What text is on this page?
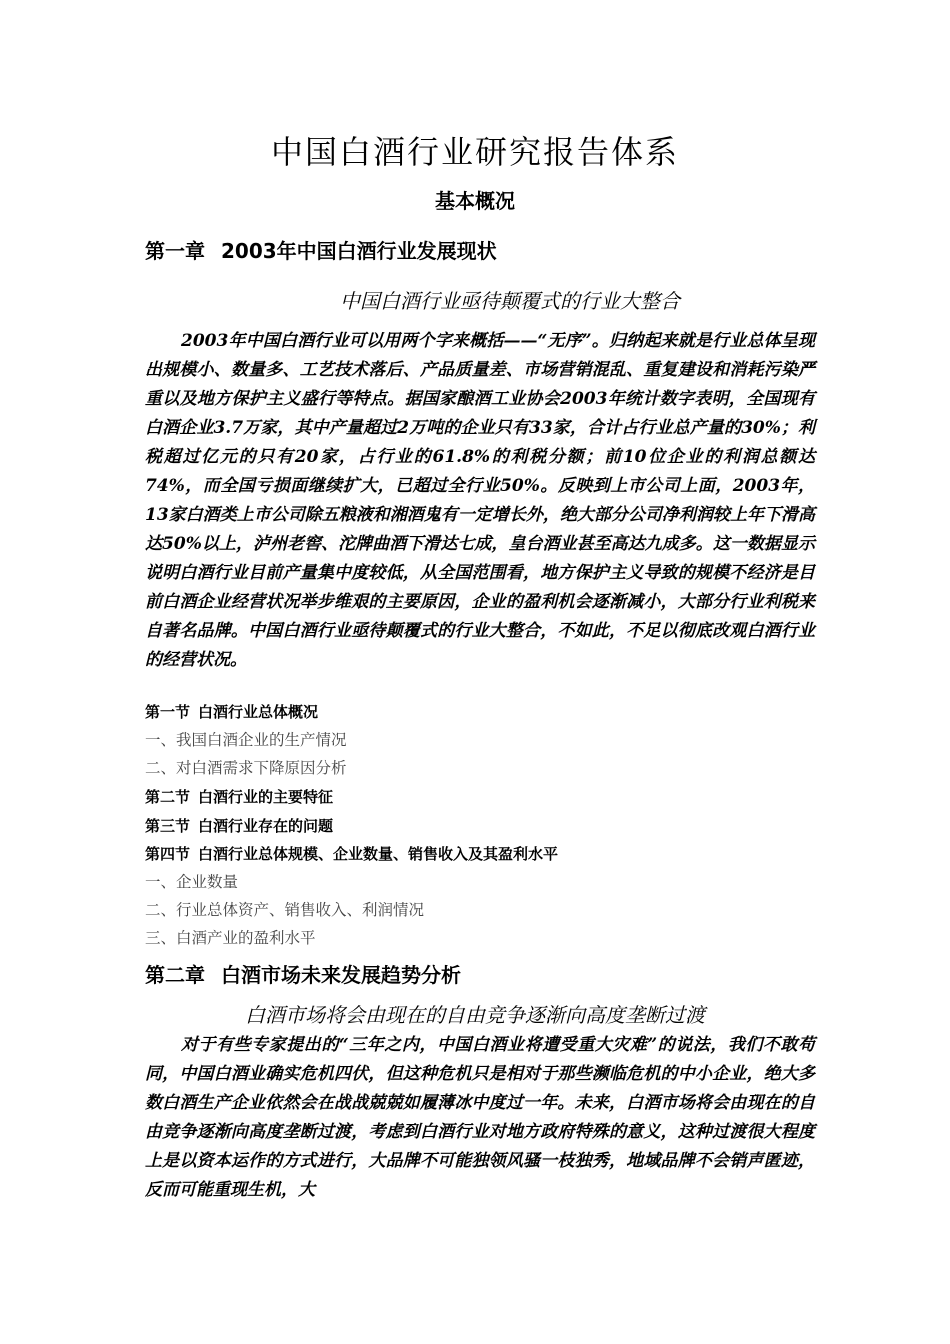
中国白酒行业研究报告体系
基本概况
第一章 2003年中国白酒行业发展现状
中国白酒行业亟待颠覆式的行业大整合

2003年中国白酒行业可以用两个字来概括——“无序”。归纳起来就是行业总体呈现出规模小、数量多、工艺技术落后、产品质量差、市场营销混乱、重复建设和消耗污染严重以及地方保护主义盛行等特点。据国家酿酒工业协会2003年统计数字表明，全国现有白酒企业3.7万家，其中产量超过2万吨的企业只有33家，合计占行业总产量的30%；利税超过亿元的只有20家，占行业的61.8%的利税分额；前10位企业的利润总额达74%，而全国亏损面继续扩大，已超过全行业50%。反映到上市公司上面，2003年，13家白酒类上市公司除五粮液和湘酒鬼有一定增长外，绝大部分公司净利润较上年下滑高达50%以上，泸州老窖、沱牌曲酒下滑达七成，皇台酒业甚至高达九成多。这一数据显示说明白酒行业目前产量集中度较低，从全国范围看，地方保护主义导致的规模不经济是目前白酒企业经营状况举步维艰的主要原因，企业的盈利机会逐渐减小，大部分行业利税来自著名品牌。中国白酒行业亟待颠覆式的行业大整合，不如此，不足以彻底改观白酒行业的经营状况。

第一节 白酒行业总体概况
一、我国白酒企业的生产情况
二、对白酒需求下降原因分析
第二节 白酒行业的主要特征
第三节 白酒行业存在的问题
第四节 白酒行业总体规模、企业数量、销售收入及其盈利水平
一、企业数量
二、行业总体资产、销售收入、利润情况
三、白酒产业的盈利水平
第二章 白酒市场未来发展趋势分析
白酒市场将会由现在的自由竞争逐渐向高度垄断过渡

对于有些专家提出的“三年之内，中国白酒业将遭受重大灾难”的说法，我们不敢苟同，中国白酒业确实危机四伏，但这种危机只是相对于那些濒临危机的中小企业，绝大多数白酒生产企业依然会在战战兢兢如履薄冰中度过一年。未来，白酒市场将会由现在的自由竞争逐渐向高度垄断过渡，考虑到白酒行业对地方政府特殊的意义，这种过渡很大程度上是以资本运作的方式进行，大品牌不可能独领风骚一枝独秀，地域品牌不会销声匿迹，反而可能重现生机，大
